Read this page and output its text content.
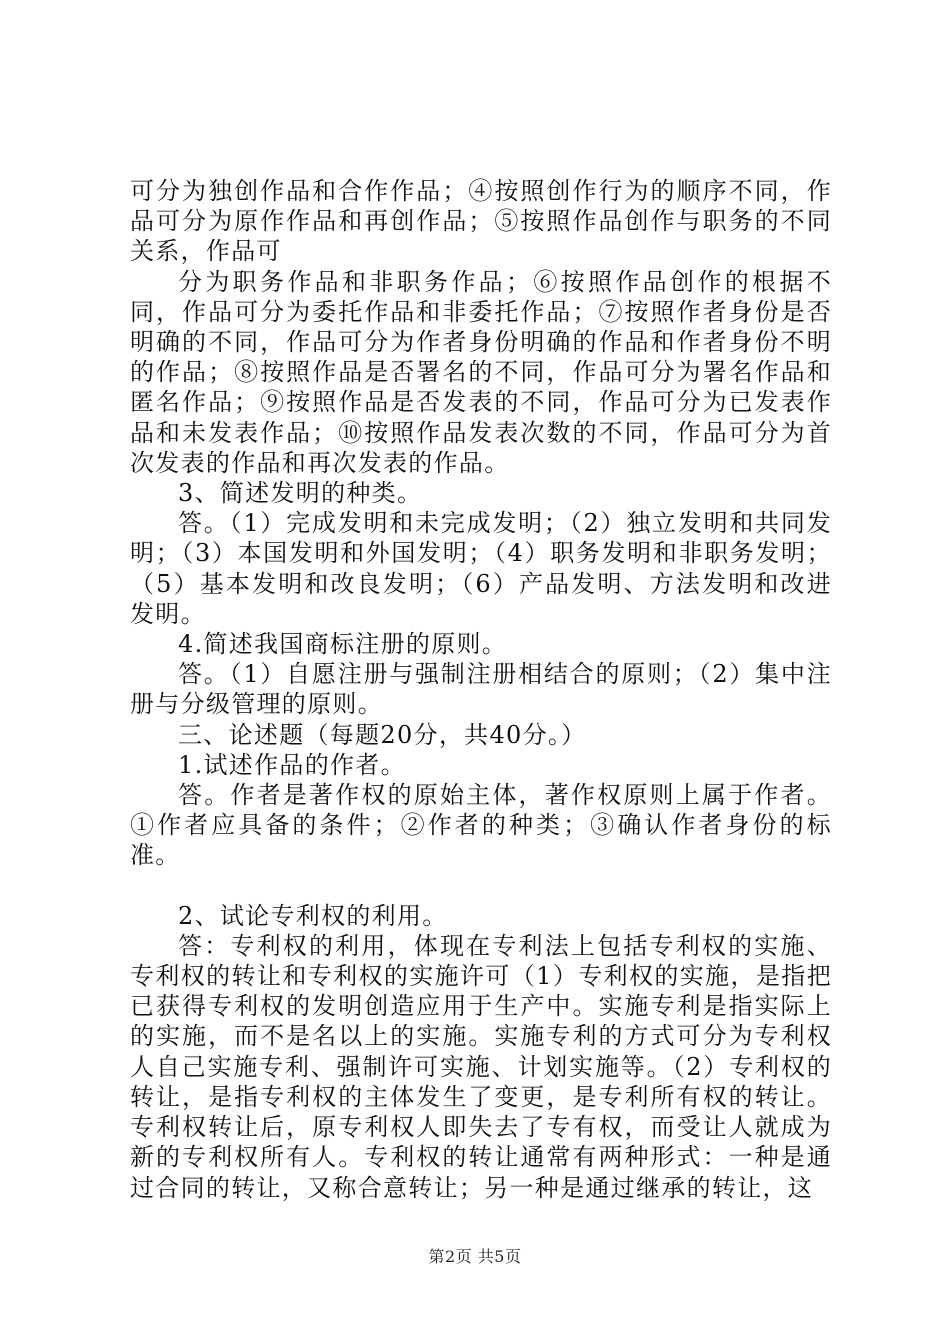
可分为独创作品和合作作品；④按照创作行为的顺序不同，作品可分为原作作品和再创作品；⑤按照作品创作与职务的不同关系，作品可

分为职务作品和非职务作品；⑥按照作品创作的根据不同，作品可分为委托作品和非委托作品；⑦按照作者身份是否明确的不同，作品可分为作者身份明确的作品和作者身份不明的作品；⑧按照作品是否署名的不同，作品可分为署名作品和匿名作品；⑨按照作品是否发表的不同，作品可分为已发表作品和未发表作品；⑩按照作品发表次数的不同，作品可分为首次发表的作品和再次发表的作品。

3、简述发明的种类。

答。（1）完成发明和未完成发明；（2）独立发明和共同发明；（3）本国发明和外国发明；（4）职务发明和非职务发明；（5）基本发明和改良发明；（6）产品发明、方法发明和改进发明。

4.简述我国商标注册的原则。

答。（1）自愿注册与强制注册相结合的原则；（2）集中注册与分级管理的原则。

三、论述题（每题20分，共40分。）

1.试述作品的作者。

答。作者是著作权的原始主体，著作权原则上属于作者。①作者应具备的条件；②作者的种类；③确认作者身份的标准。

2、试论专利权的利用。

答：专利权的利用，体现在专利法上包括专利权的实施、专利权的转让和专利权的实施许可（1）专利权的实施，是指把已获得专利权的发明创造应用于生产中。实施专利是指实际上的实施，而不是名以上的实施。实施专利的方式可分为专利权人自己实施专利、强制许可实施、计划实施等。（2）专利权的转让，是指专利权的主体发生了变更，是专利所有权的转让。专利权转让后，原专利权人即失去了专有权，而受让人就成为新的专利权所有人。专利权的转让通常有两种形式：一种是通过合同的转让，又称合意转让；另一种是通过继承的转让，这

第2页 共5页
